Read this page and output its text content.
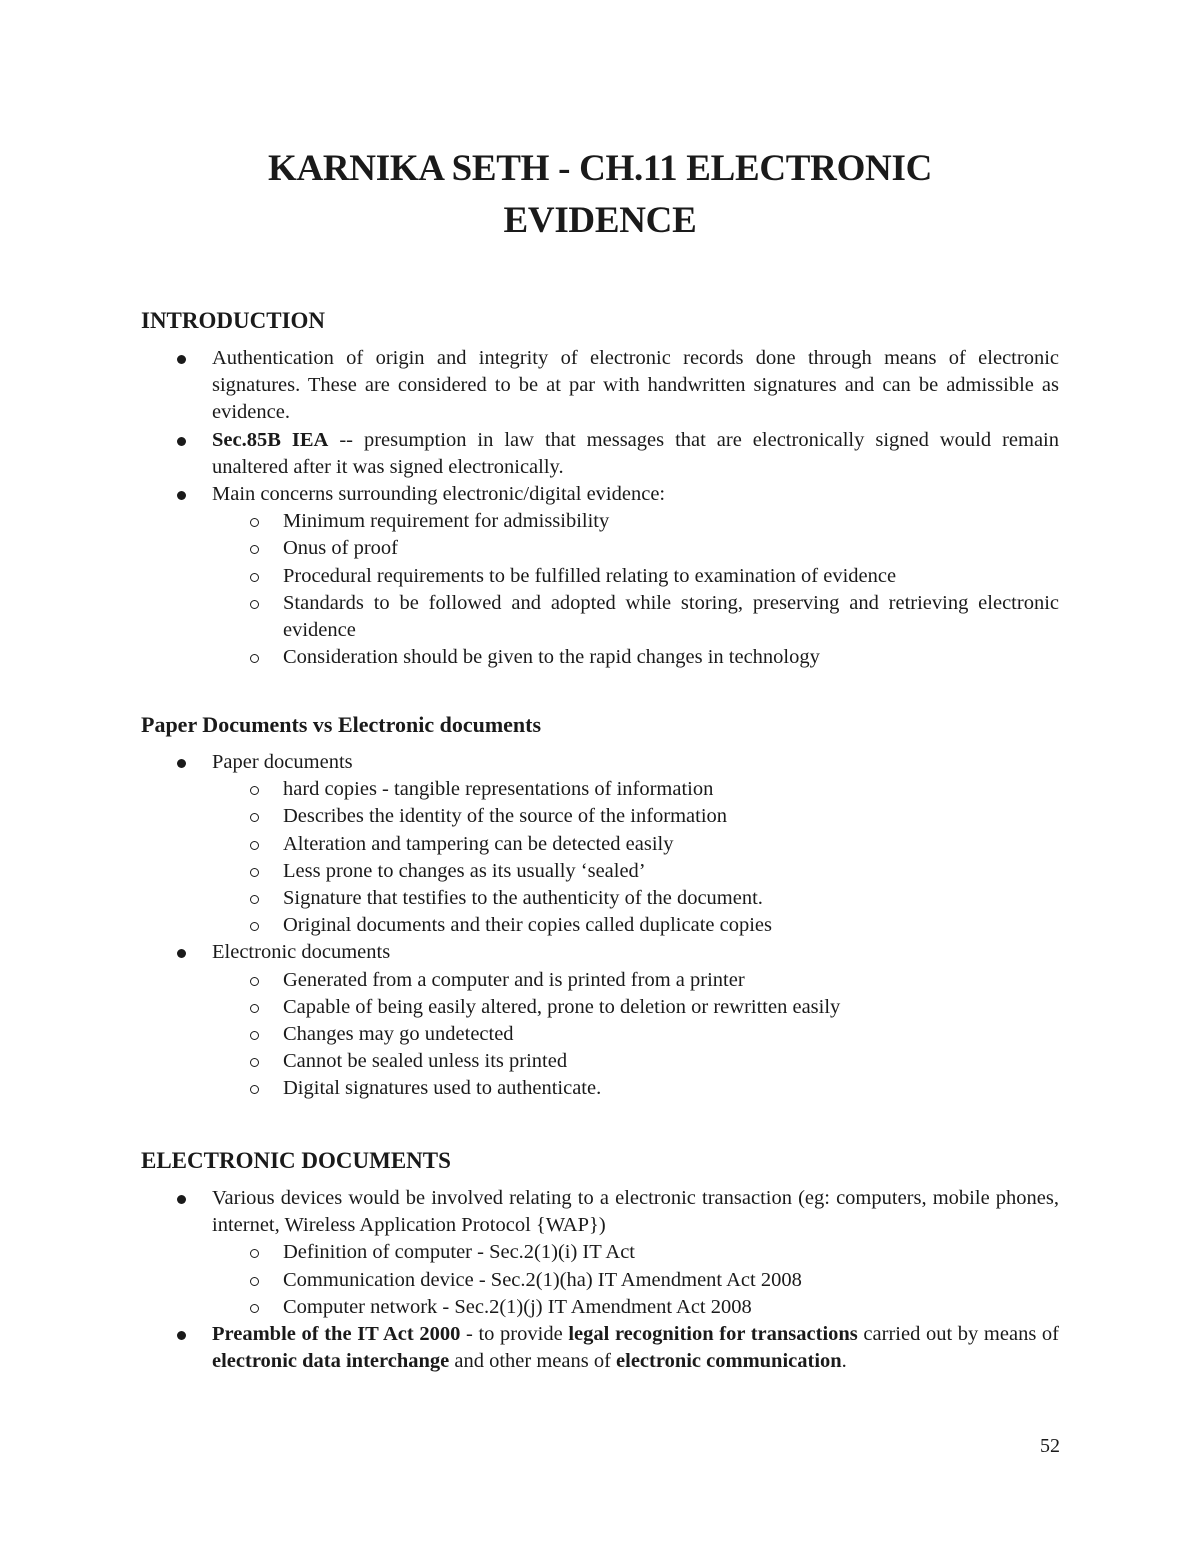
KARNIKA SETH - CH.11 ELECTRONIC
EVIDENCE
INTRODUCTION
Authentication of origin and integrity of electronic records done through means of electronic signatures. These are considered to be at par with handwritten signatures and can be admissible as evidence.
Sec.85B IEA -- presumption in law that messages that are electronically signed would remain unaltered after it was signed electronically.
Main concerns surrounding electronic/digital evidence:
Minimum requirement for admissibility
Onus of proof
Procedural requirements to be fulfilled relating to examination of evidence
Standards to be followed and adopted while storing, preserving and retrieving electronic evidence
Consideration should be given to the rapid changes in technology
Paper Documents vs Electronic documents
Paper documents
hard copies - tangible representations of information
Describes the identity of the source of the information
Alteration and tampering can be detected easily
Less prone to changes as its usually ‘sealed’
Signature that testifies to the authenticity of the document.
Original documents and their copies called duplicate copies
Electronic documents
Generated from a computer and is printed from a printer
Capable of being easily altered, prone to deletion or rewritten easily
Changes may go undetected
Cannot be sealed unless its printed
Digital signatures used to authenticate.
ELECTRONIC DOCUMENTS
Various devices would be involved relating to a electronic transaction (eg: computers, mobile phones, internet, Wireless Application Protocol {WAP})
Definition of computer - Sec.2(1)(i) IT Act
Communication device - Sec.2(1)(ha) IT Amendment Act 2008
Computer network - Sec.2(1)(j) IT Amendment Act 2008
Preamble of the IT Act 2000 - to provide legal recognition for transactions carried out by means of electronic data interchange and other means of electronic communication.
52
